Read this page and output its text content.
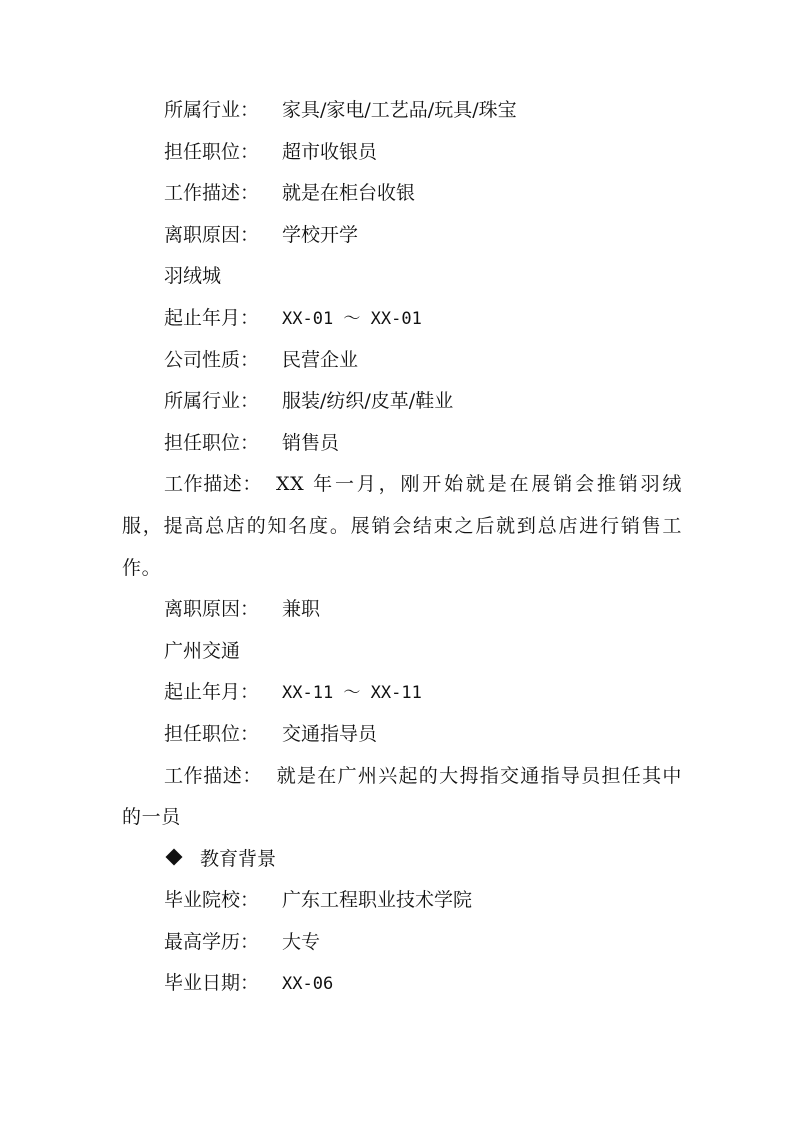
所属行业： 家具/家电/工艺品/玩具/珠宝
担任职位： 超市收银员
工作描述： 就是在柜台收银
离职原因： 学校开学
羽绒城
起止年月： XX-01 ～ XX-01
公司性质： 民营企业
所属行业： 服装/纺织/皮革/鞋业
担任职位： 销售员

工作描述： XX 年一月，刚开始就是在展销会推销羽绒服，提高总店的知名度。展销会结束之后就到总店进行销售工作。

离职原因： 兼职
广州交通
起止年月： XX-11 ～ XX-11
担任职位： 交通指导员

工作描述： 就是在广州兴起的大拇指交通指导员担任其中的一员

教育背景
毕业院校： 广东工程职业技术学院
最高学历： 大专
毕业日期： XX-06
